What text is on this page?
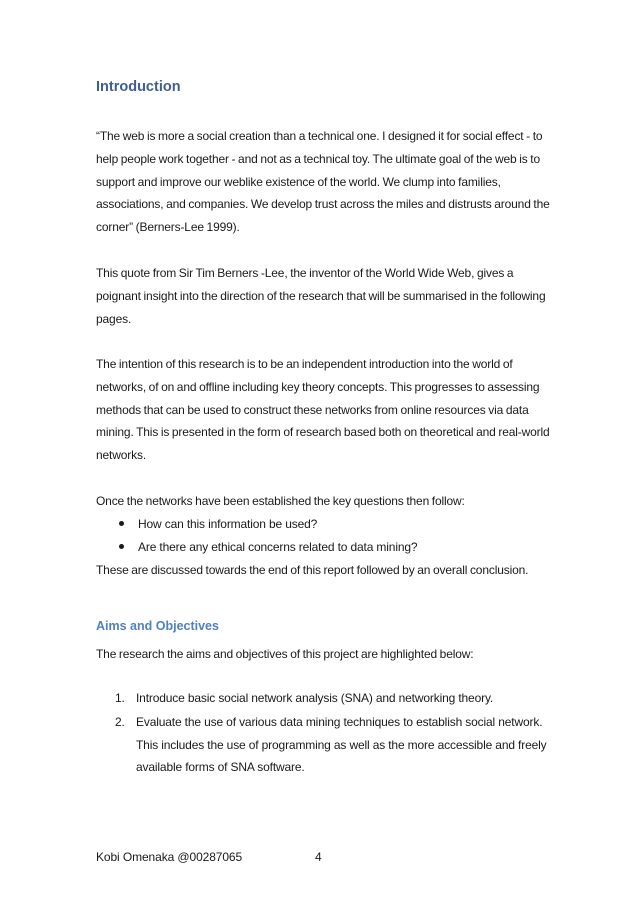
Introduction

“The web is more a social creation than a technical one. I designed it for social effect - to help people work together - and not as a technical toy. The ultimate goal of the web is to support and improve our weblike existence of the world. We clump into families, associations, and companies. We develop trust across the miles and distrusts around the corner” (Berners-Lee 1999).

This quote from Sir Tim Berners -Lee, the inventor of the World Wide Web, gives a poignant insight into the direction of the research that will be summarised in the following pages.

The intention of this research is to be an independent introduction into the world of networks, of on and offline including key theory concepts. This progresses to assessing methods that can be used to construct these networks from online resources via data mining. This is presented in the form of research based both on theoretical and real-world networks.

Once the networks have been established the key questions then follow:

How can this information be used?
Are there any ethical concerns related to data mining?

These are discussed towards the end of this report followed by an overall conclusion.

Aims and Objectives

The research the aims and objectives of this project are highlighted below:

1. Introduce basic social network analysis (SNA) and networking theory.
2. Evaluate the use of various data mining techniques to establish social network. This includes the use of programming as well as the more accessible and freely available forms of SNA software.
Kobi Omenaka @00287065	4
